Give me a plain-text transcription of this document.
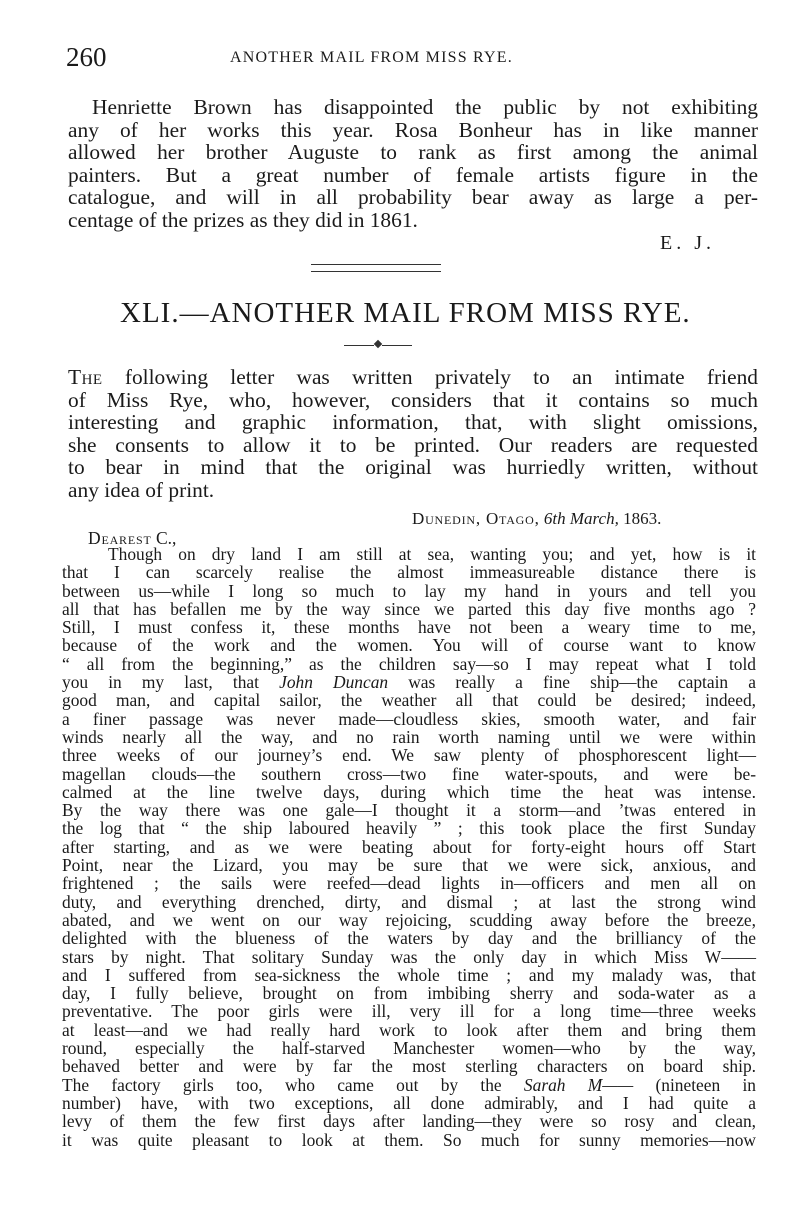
260	ANOTHER MAIL FROM MISS RYE.
Henriette Brown has disappointed the public by not exhibiting
any of her works this year. Rosa Bonheur has in like manner
allowed her brother Auguste to rank as first among the animal
painters. But a great number of female artists figure in the
catalogue, and will in all probability bear away as large a per-
centage of the prizes as they did in 1861.
E. J.
XLI.—ANOTHER MAIL FROM MISS RYE.
The following letter was written privately to an intimate friend
of Miss Rye, who, however, considers that it contains so much
interesting and graphic information, that, with slight omissions,
she consents to allow it to be printed. Our readers are requested
to bear in mind that the original was hurriedly written, without
any idea of print.
Dunedin, Otago, 6th March, 1863.
Dearest C.,
Though on dry land I am still at sea, wanting you; and yet, how is it
that I can scarcely realise the almost immeasureable distance there is
between us—while I long so much to lay my hand in yours and tell you
all that has befallen me by the way since we parted this day five months ago ?
Still, I must confess it, these months have not been a weary time to me,
because of the work and the women. You will of course want to know
“ all from the beginning,” as the children say—so I may repeat what I told
you in my last, that John Duncan was really a fine ship—the captain a
good man, and capital sailor, the weather all that could be desired; indeed,
a finer passage was never made—cloudless skies, smooth water, and fair
winds nearly all the way, and no rain worth naming until we were within
three weeks of our journey’s end. We saw plenty of phosphorescent light—
magellan clouds—the southern cross—two fine water-spouts, and were be-
calmed at the line twelve days, during which time the heat was intense.
By the way there was one gale—I thought it a storm—and ’twas entered in
the log that “ the ship laboured heavily ” ; this took place the first Sunday
after starting, and as we were beating about for forty-eight hours off Start
Point, near the Lizard, you may be sure that we were sick, anxious, and
frightened ; the sails were reefed—dead lights in—officers and men all on
duty, and everything drenched, dirty, and dismal ; at last the strong wind
abated, and we went on our way rejoicing, scudding away before the breeze,
delighted with the blueness of the waters by day and the brilliancy of the
stars by night. That solitary Sunday was the only day in which Miss W——
and I suffered from sea-sickness the whole time ; and my malady was, that
day, I fully believe, brought on from imbibing sherry and soda-water as a
preventative. The poor girls were ill, very ill for a long time—three weeks
at least—and we had really hard work to look after them and bring them
round, especially the half-starved Manchester women—who by the way,
behaved better and were by far the most sterling characters on board ship.
The factory girls too, who came out by the Sarah M—— (nineteen in
number) have, with two exceptions, all done admirably, and I had quite a
levy of them the few first days after landing—they were so rosy and clean,
it was quite pleasant to look at them. So much for sunny memories—now
